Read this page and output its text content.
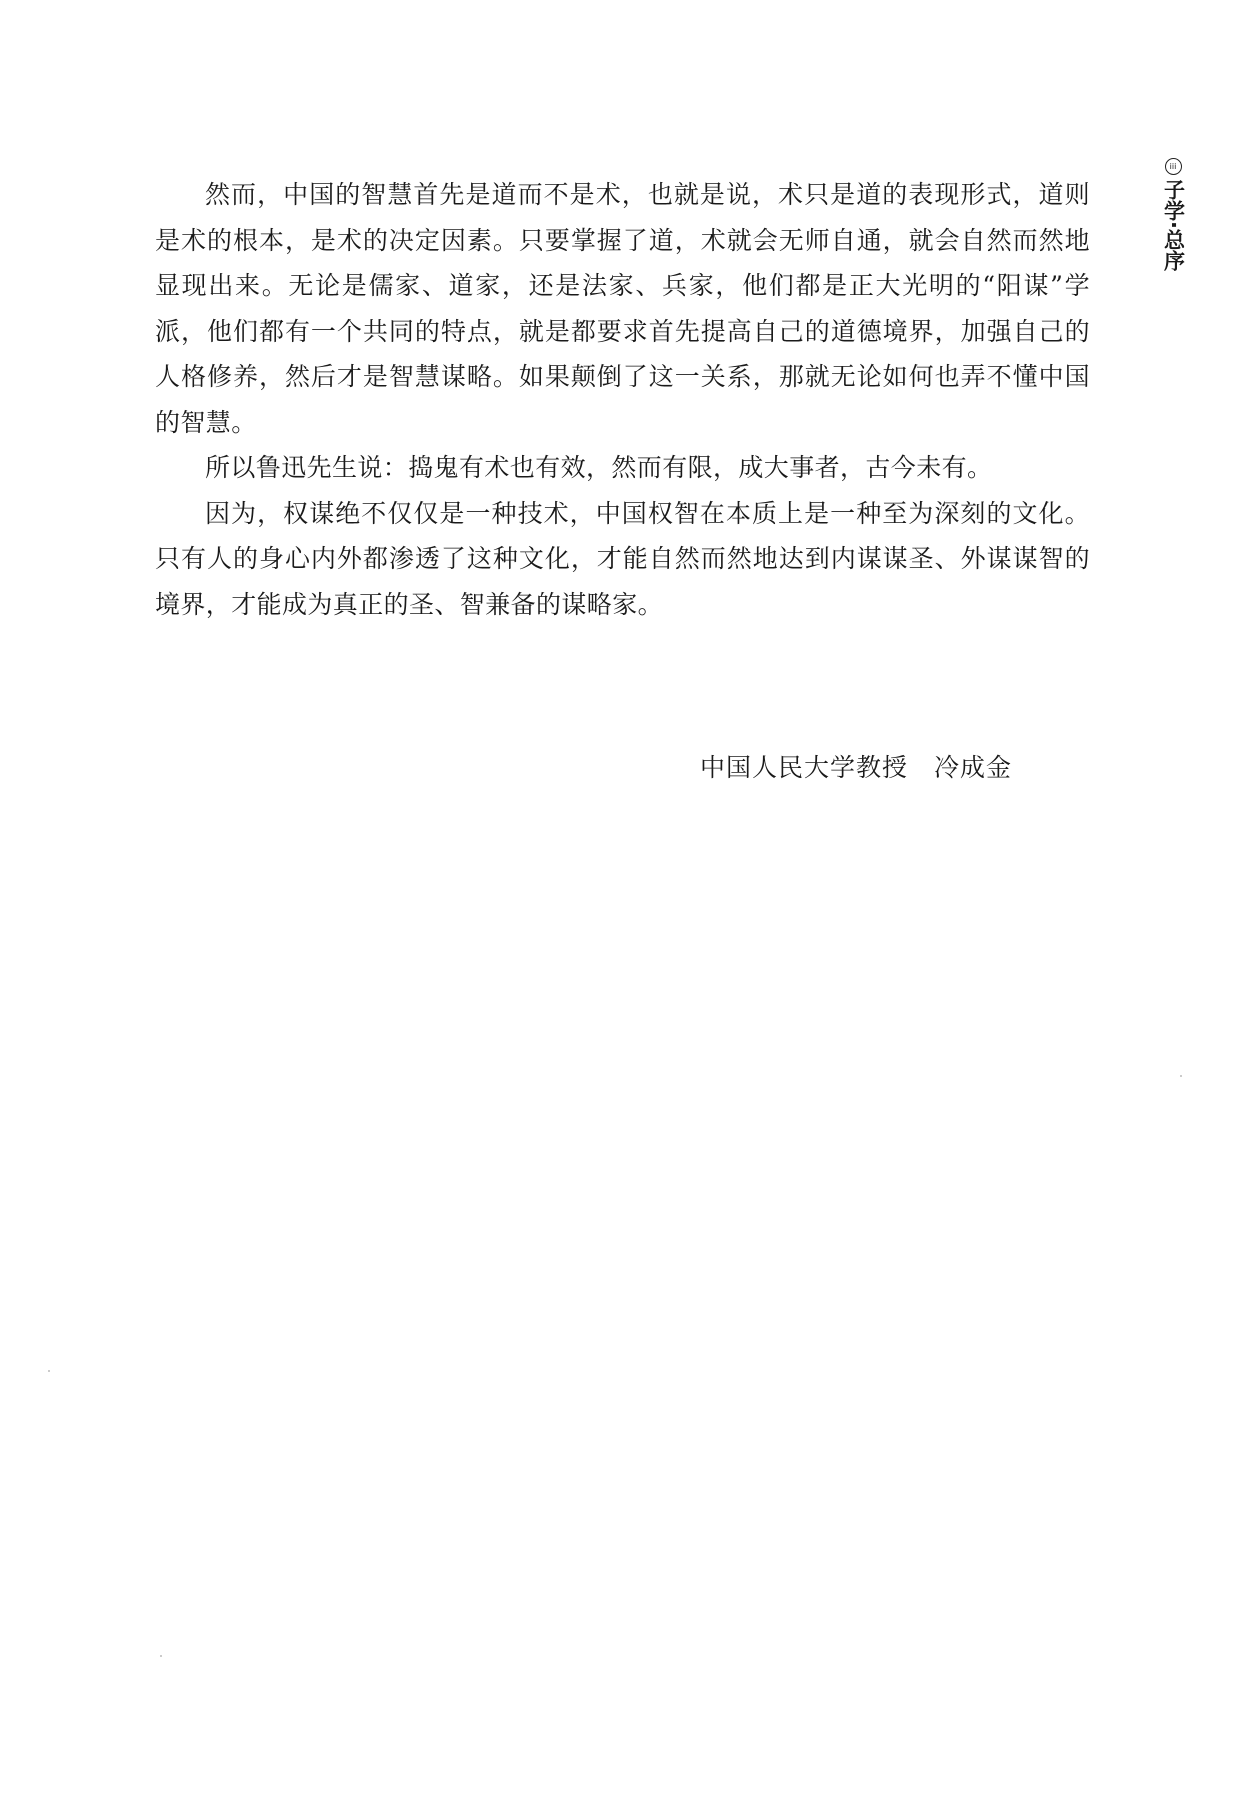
iii
子学·总序

然而，中国的智慧首先是道而不是术，也就是说，术只是道的表现形式，道则是术的根本，是术的决定因素。只要掌握了道，术就会无师自通，就会自然而然地显现出来。无论是儒家、道家，还是法家、兵家，他们都是正大光明的“阳谋”学派，他们都有一个共同的特点，就是都要求首先提高自己的道德境界，加强自己的人格修养，然后才是智慧谋略。如果颠倒了这一关系，那就无论如何也弄不懂中国的智慧。

所以鲁迅先生说：捣鬼有术也有效，然而有限，成大事者，古今未有。

因为，权谋绝不仅仅是一种技术，中国权智在本质上是一种至为深刻的文化。只有人的身心内外都渗透了这种文化，才能自然而然地达到内谋谋圣、外谋谋智的境界，才能成为真正的圣、智兼备的谋略家。

中国人民大学教授 冷成金
